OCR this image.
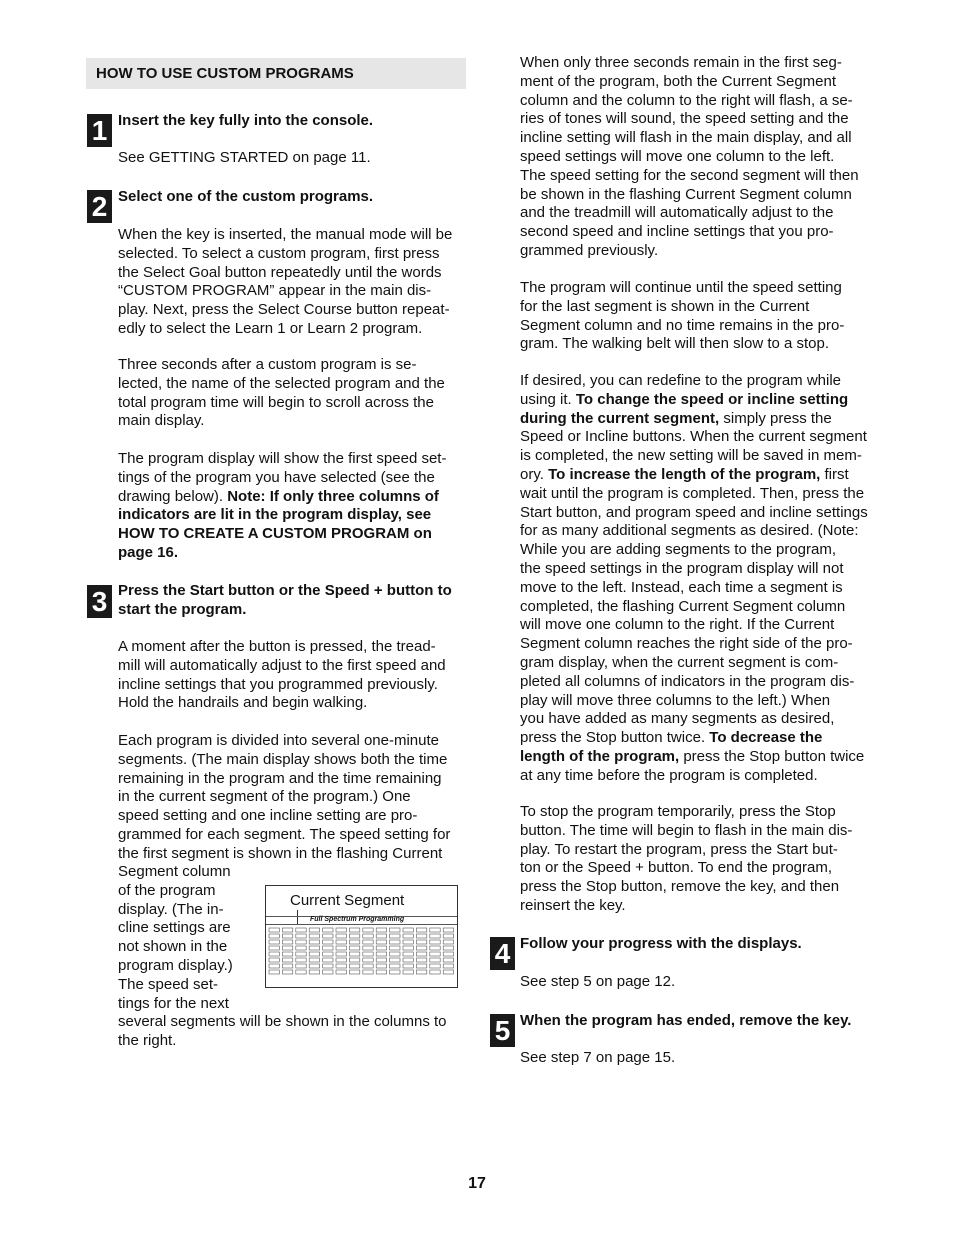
HOW TO USE CUSTOM PROGRAMS
1 Insert the key fully into the console.

See GETTING STARTED on page 11.

2 Select one of the custom programs.

When the key is inserted, the manual mode will be
selected. To select a custom program, first press
the Select Goal button repeatedly until the words
“CUSTOM PROGRAM” appear in the main dis-
play. Next, press the Select Course button repeat-
edly to select the Learn 1 or Learn 2 program.

Three seconds after a custom program is se-
lected, the name of the selected program and the
total program time will begin to scroll across the
main display.

The program display will show the first speed set-
tings of the program you have selected (see the
drawing below). Note: If only three columns of
indicators are lit in the program display, see
HOW TO CREATE A CUSTOM PROGRAM on
page 16.

3 Press the Start button or the Speed + button to
start the program.

A moment after the button is pressed, the tread-
mill will automatically adjust to the first speed and
incline settings that you programmed previously.
Hold the handrails and begin walking.

Each program is divided into several one-minute
segments. (The main display shows both the time
remaining in the program and the time remaining
in the current segment of the program.) One
speed setting and one incline setting are pro-
grammed for each segment. The speed setting for
the first segment is shown in the flashing Current

Segment column
of the program
display. (The in-
cline settings are
not shown in the
program display.)
The speed set-
tings for the next

several segments will be shown in the columns to
the right.

Current Segment
Full Spectrum Programming

When only three seconds remain in the first seg-
ment of the program, both the Current Segment
column and the column to the right will flash, a se-
ries of tones will sound, the speed setting and the
incline setting will flash in the main display, and all
speed settings will move one column to the left.
The speed setting for the second segment will then
be shown in the flashing Current Segment column
and the treadmill will automatically adjust to the
second speed and incline settings that you pro-
grammed previously.

The program will continue until the speed setting
for the last segment is shown in the Current
Segment column and no time remains in the pro-
gram. The walking belt will then slow to a stop.

If desired, you can redefine to the program while
using it. To change the speed or incline setting
during the current segment, simply press the
Speed or Incline buttons. When the current segment
is completed, the new setting will be saved in mem-
ory. To increase the length of the program, first
wait until the program is completed. Then, press the
Start button, and program speed and incline settings
for as many additional segments as desired. (Note:
While you are adding segments to the program,
the speed settings in the program display will not
move to the left. Instead, each time a segment is
completed, the flashing Current Segment column
will move one column to the right. If the Current
Segment column reaches the right side of the pro-
gram display, when the current segment is com-
pleted all columns of indicators in the program dis-
play will move three columns to the left.) When
you have added as many segments as desired,
press the Stop button twice. To decrease the
length of the program, press the Stop button twice
at any time before the program is completed.

To stop the program temporarily, press the Stop
button. The time will begin to flash in the main dis-
play. To restart the program, press the Start but-
ton or the Speed + button. To end the program,
press the Stop button, remove the key, and then
reinsert the key.

4 Follow your progress with the displays.

See step 5 on page 12.

5 When the program has ended, remove the key.

See step 7 on page 15.

17
